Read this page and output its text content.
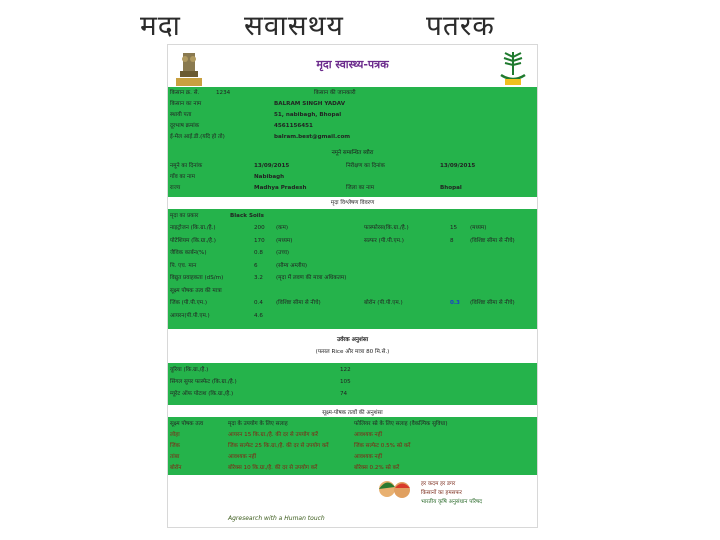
मदा सवासथय	पतरक
मृदा स्वास्थ्य-पत्रक
किसान क्र. से.	1234	किसान की जानकारी
किसान का नाम	BALRAM SINGH YADAV
स्थायी पता	51, nabibagh, Bhopal
दूरभाष क्रमांक	4561156451
ई-मेल आई.डी.(यदि हो तो)	balram.best@gmail.com
नमूने सम्बन्धित ब्यौरा
नमूने का दिनांक	13/09/2015	निरीक्षण का दिनांक	13/09/2015
गाँव का नाम	Nabibagh
राज्य	Madhya Pradesh	जिला का नाम	Bhopal
मृदा विश्लेषण विवरण
मृदा का प्रकार	Black Soils
नाइट्रोजन (कि.ग्रा./है.)	200 (कम)	फास्फोरस(कि.ग्रा./है.)	15 (मध्यम)
पोटेशियम (कि.ग्रा./है.)	170 (मध्यम)	सल्फर (पी.पी.एम.)	8	(विशिष्ट सीमा से नीचे)
जैविक कार्बन(%)	0.8 (उच्च)
पि. एच. मान	6	(सौम्य अम्लीय)
विद्युत प्रवाहकता (dS/m)	3.2 (मृदा में लवण की मात्रा अधिकतम)
सूक्ष्म पोषक तत्व की मात्रा
जिंक (पी.पी.एम.)	0.4 (विशिष्ट सीमा से नीचे)	बोरॉन (पी.पी.एम.)	0.3 (विशिष्ट सीमा से नीचे)
आयरन(पी.पी.एम.)	4.6
उर्वरक अनुशंसा
(फसल Rice और मात्रा 80 मि.से.)
यूरिया (कि.ग्रा./है.)	122
सिंगल सुपर फास्फेट (कि.ग्रा./है.)	105
म्यूरेट ऑफ पोटाश (कि.ग्रा./है.)	74
सूक्ष्म-पोषक तत्वों की अनुशंसा
सूक्ष्म पोषक तत्व	मृदा के उपयोग के लिए सलाह	फोलियर स्प्रे के लिए सलाह (वैकल्पिक सुविधा)
लोहा	आयरन 15 कि.ग्रा./है. की दर से उपयोग करें	आवश्यक नहीं
जिंक	जिंक सल्फेट 25 कि.ग्रा./है. की दर से उपयोग करें	जिंक सल्फेट 0.5% स्प्रे करें
तांबा	आवश्यक नहीं	आवश्यक नहीं
बोरॉन	बोरेक्स 10 कि.ग्रा./है. की दर से उपयोग करें	बोरेक्स 0.2% स्प्रे करें
हर कदम हर डगर
किसानों का हमसफर
भारतीय कृषि अनुसंधान परिषद
Agresearch with a Human touch
